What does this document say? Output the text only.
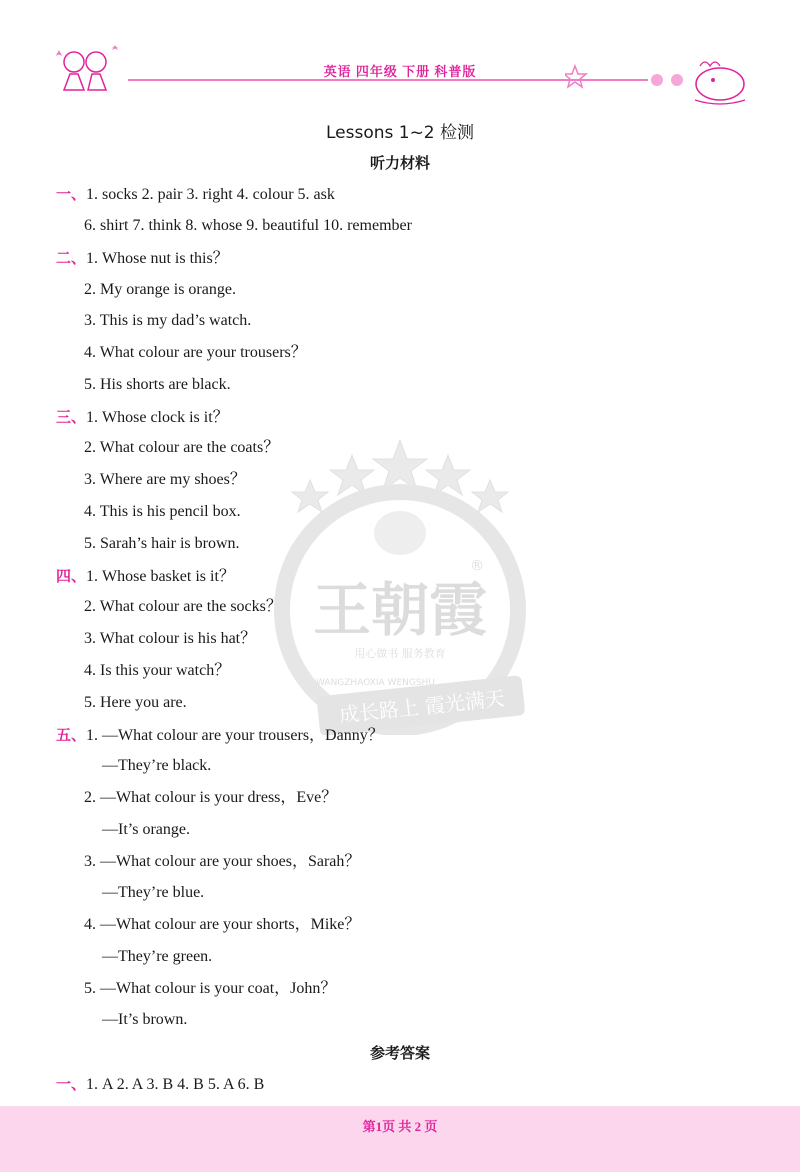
英语 四年级 下册 科普版
Lessons 1~2 检测
听力材料
王朝霞
®
用心做书 服务教育
WANGZHAOXIA WENGSHU
成长路上 霞光满天
一、1. socks 2. pair 3. right 4. colour 5. ask
6. shirt 7. think 8. whose 9. beautiful 10. remember
二、1. Whose nut is this？
2. My orange is orange.
3. This is my dad’s watch.
4. What colour are your trousers？
5. His shorts are black.
三、1. Whose clock is it？
2. What colour are the coats？
3. Where are my shoes？
4. This is his pencil box.
5. Sarah’s hair is brown.
四、1. Whose basket is it？
2. What colour are the socks？
3. What colour is his hat？
4. Is this your watch？
5. Here you are.
五、1. —What colour are your trousers，Danny？
—They’re black.
2. —What colour is your dress，Eve？
—It’s orange.
3. —What colour are your shoes，Sarah？
—They’re blue.
4. —What colour are your shorts，Mike？
—They’re green.
5. —What colour is your coat，John？
—It’s brown.
参考答案
一、1. A 2. A 3. B 4. B 5. A 6. B
第1页 共 2 页
